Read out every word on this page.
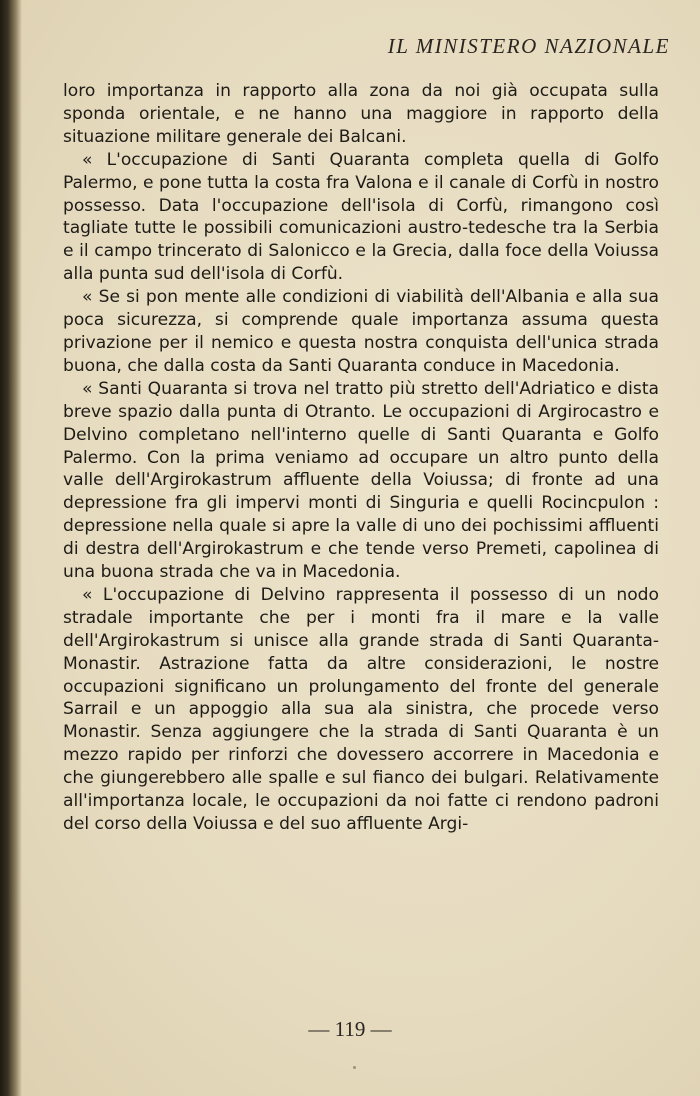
IL MINISTERO NAZIONALE

loro importanza in rapporto alla zona da noi già occupata sulla sponda orientale, e ne hanno una maggiore in rapporto della situazione militare generale dei Balcani.

« L'occupazione di Santi Quaranta completa quella di Golfo Palermo, e pone tutta la costa fra Valona e il canale di Corfù in nostro possesso. Data l'occupazione dell'isola di Corfù, rimangono così tagliate tutte le possibili comunicazioni austro-tedesche tra la Serbia e il campo trincerato di Salonicco e la Grecia, dalla foce della Voiussa alla punta sud dell'isola di Corfù.

« Se si pon mente alle condizioni di viabilità dell'Albania e alla sua poca sicurezza, si comprende quale importanza assuma questa privazione per il nemico e questa nostra conquista dell'unica strada buona, che dalla costa da Santi Quaranta conduce in Macedonia.

« Santi Quaranta si trova nel tratto più stretto dell'Adriatico e dista breve spazio dalla punta di Otranto. Le occupazioni di Argirocastro e Delvino completano nell'interno quelle di Santi Quaranta e Golfo Palermo. Con la prima veniamo ad occupare un altro punto della valle dell'Argirokastrum affluente della Voiussa; di fronte ad una depressione fra gli impervi monti di Singuria e quelli Rocincpulon : depressione nella quale si apre la valle di uno dei pochissimi affluenti di destra dell'Argirokastrum e che tende verso Premeti, capolinea di una buona strada che va in Macedonia.

« L'occupazione di Delvino rappresenta il possesso di un nodo stradale importante che per i monti fra il mare e la valle dell'Argirokastrum si unisce alla grande strada di Santi Quaranta-Monastir. Astrazione fatta da altre considerazioni, le nostre occupazioni significano un prolungamento del fronte del generale Sarrail e un appoggio alla sua ala sinistra, che procede verso Monastir. Senza aggiungere che la strada di Santi Quaranta è un mezzo rapido per rinforzi che dovessero accorrere in Macedonia e che giungerebbero alle spalle e sul fianco dei bulgari. Relativamente all'importanza locale, le occupazioni da noi fatte ci rendono padroni del corso della Voiussa e del suo affluente Argi-

— 119 —
